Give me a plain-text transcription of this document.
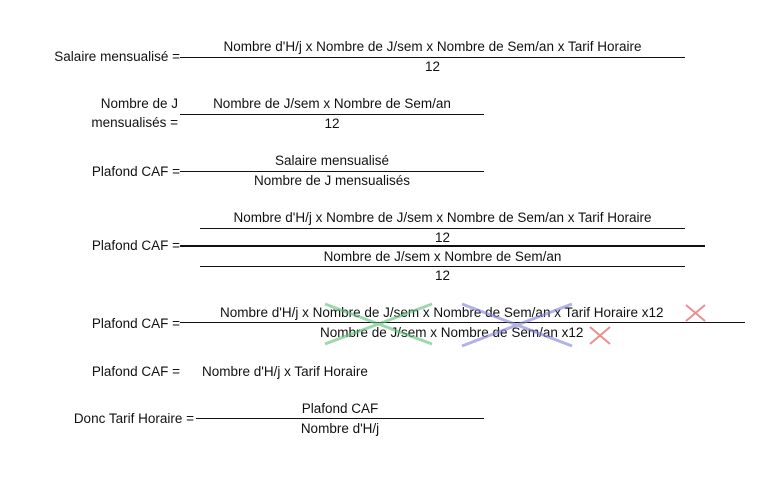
Salaire mensualisé =
Nombre d'H/j x Nombre de J/sem x Nombre de Sem/an x Tarif Horaire
12
Nombre de J
mensualisés =
Nombre de J/sem x Nombre de Sem/an
12
Plafond CAF =
Salaire mensualisé
Nombre de J mensualisés
Plafond CAF =
Nombre d'H/j x Nombre de J/sem x Nombre de Sem/an x Tarif Horaire
12
Nombre de J/sem x Nombre de Sem/an
12
Plafond CAF =
Nombre d'H/j x Nombre de J/sem x Nombre de Sem/an x Tarif Horaire x12
Nombre de J/sem x Nombre de Sem/an x12
Plafond CAF = Nombre d'H/j x Tarif Horaire
Donc Tarif Horaire =
Plafond CAF
Nombre d'H/j
